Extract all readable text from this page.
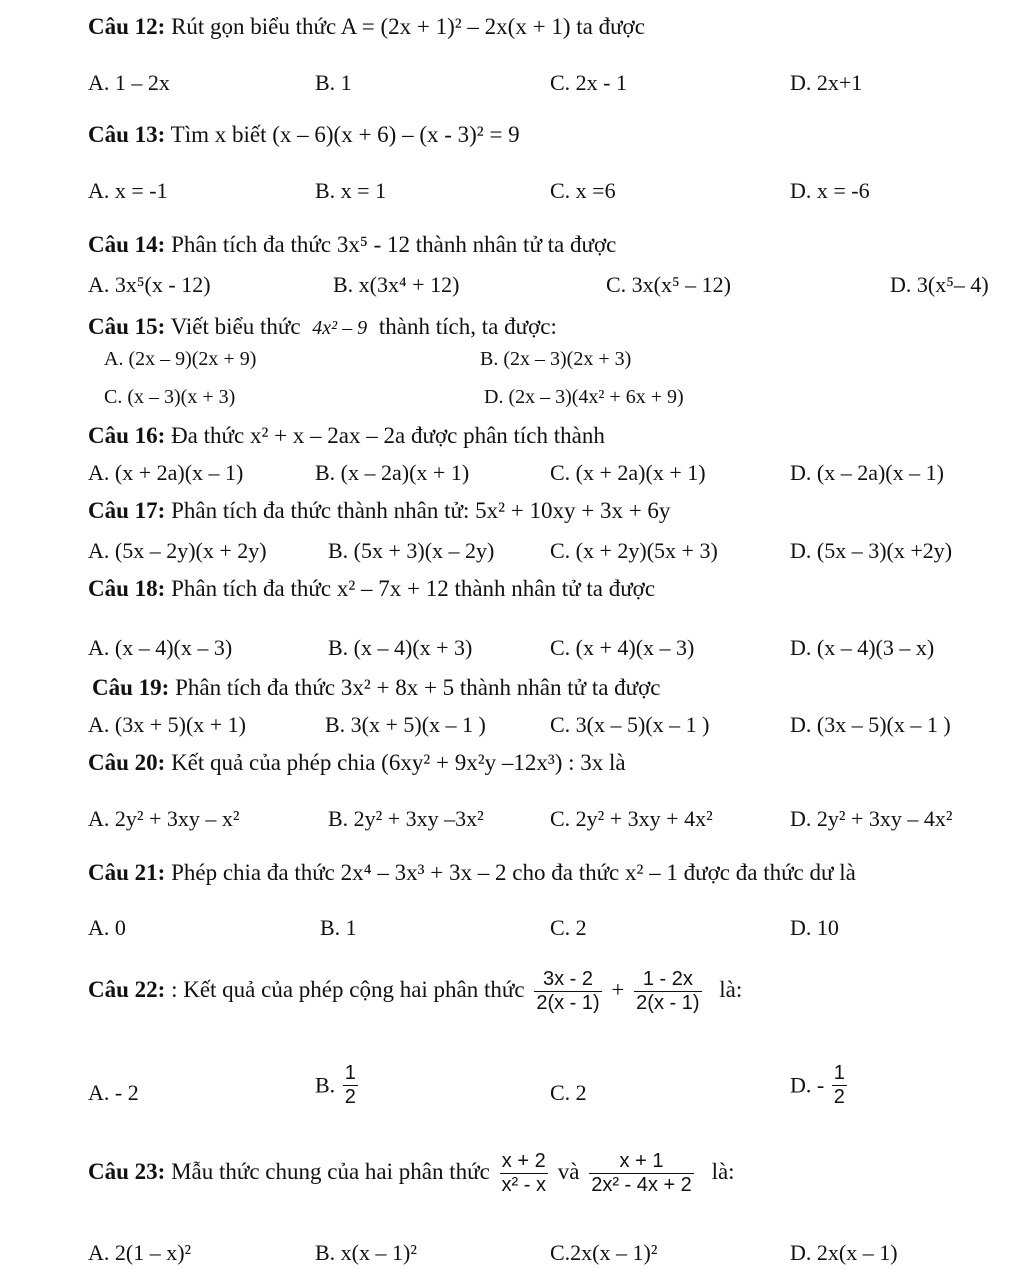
Câu 12: Rút gọn biểu thức A = (2x + 1)² – 2x(x + 1) ta được
A. 1 – 2x	B. 1	C. 2x - 1	D. 2x+1
Câu 13: Tìm x biết (x – 6)(x + 6) – (x - 3)² = 9
A. x = -1	B. x = 1	C. x =6	D. x = -6
Câu 14: Phân tích đa thức 3x⁵ - 12 thành nhân tử ta được
A. 3x⁵(x - 12)	B. x(3x⁴ + 12)	C. 3x(x⁵ – 12)	D. 3(x⁵– 4)
Câu 15: Viết biểu thức 4x² – 9 thành tích, ta được:
A. (2x – 9)(2x + 9)	B. (2x – 3)(2x + 3)
C. (x – 3)(x + 3)	D. (2x – 3)(4x² + 6x + 9)
Câu 16: Đa thức x² + x – 2ax – 2a được phân tích thành
A. (x + 2a)(x – 1)	B. (x – 2a)(x + 1)	C. (x + 2a)(x + 1)	D. (x – 2a)(x – 1)
Câu 17: Phân tích đa thức thành nhân tử: 5x² + 10xy + 3x + 6y
A. (5x – 2y)(x + 2y)	B. (5x + 3)(x – 2y)	C. (x + 2y)(5x + 3)	D. (5x – 3)(x +2y)
Câu 18: Phân tích đa thức x² – 7x + 12 thành nhân tử ta được
A. (x – 4)(x – 3)	B. (x – 4)(x + 3)	C. (x + 4)(x – 3)	D. (x – 4)(3 – x)
Câu 19: Phân tích đa thức 3x² + 8x + 5 thành nhân tử ta được
A. (3x + 5)(x + 1)	B. 3(x + 5)(x – 1 )	C. 3(x – 5)(x – 1 )	D. (3x – 5)(x – 1 )
Câu 20: Kết quả của phép chia (6xy² + 9x²y –12x³) : 3x là
A. 2y² + 3xy – x²	B. 2y² + 3xy –3x²	C. 2y² + 3xy + 4x²	D. 2y² + 3xy – 4x²
Câu 21: Phép chia đa thức 2x⁴ – 3x³ + 3x – 2 cho đa thức x² – 1 được đa thức dư là
A. 0	B. 1	C. 2	D. 10
Câu 22: : Kết quả của phép cộng hai phân thức $\frac{3x - 2}{2(x - 1)} + \frac{1 - 2x}{2(x - 1)}$ là:
A. - 2	B. $\frac{1}{2}$	C. 2	D. - $\frac{1}{2}$
Câu 23: Mẫu thức chung của hai phân thức $\frac{x + 2}{\text{x² - x}}$ và $\frac{x + 1}{\text{2x² - 4x + 2}}$ là:
A. 2(1 – x)²	B. x(x – 1)²	C.2x(x – 1)²	D. 2x(x – 1)
